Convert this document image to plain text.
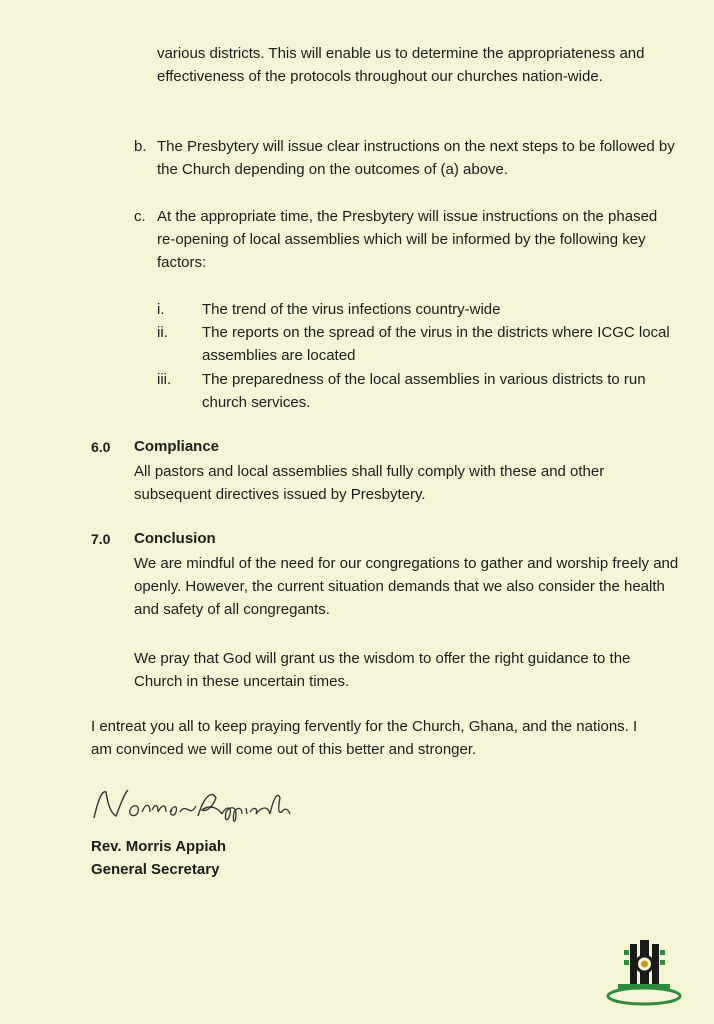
various districts. This will enable us to determine the appropriateness and effectiveness of the protocols throughout our churches nation-wide.

b. The Presbytery will issue clear instructions on the next steps to be followed by the Church depending on the outcomes of (a) above.

c. At the appropriate time, the Presbytery will issue instructions on the phased re-opening of local assemblies which will be informed by the following key factors:

i.	The trend of the virus infections country-wide

ii. The reports on the spread of the virus in the districts where ICGC local assemblies are located

iii. The preparedness of the local assemblies in various districts to run church services.

6.0 Compliance

All pastors and local assemblies shall fully comply with these and other subsequent directives issued by Presbytery.

7.0 Conclusion

We are mindful of the need for our congregations to gather and worship freely and openly. However, the current situation demands that we also consider the health and safety of all congregants.

We pray that God will grant us the wisdom to offer the right guidance to the Church in these uncertain times.

I entreat you all to keep praying fervently for the Church, Ghana, and the nations. I am convinced we will come out of this better and stronger.

Rev. Morris Appiah
General Secretary
